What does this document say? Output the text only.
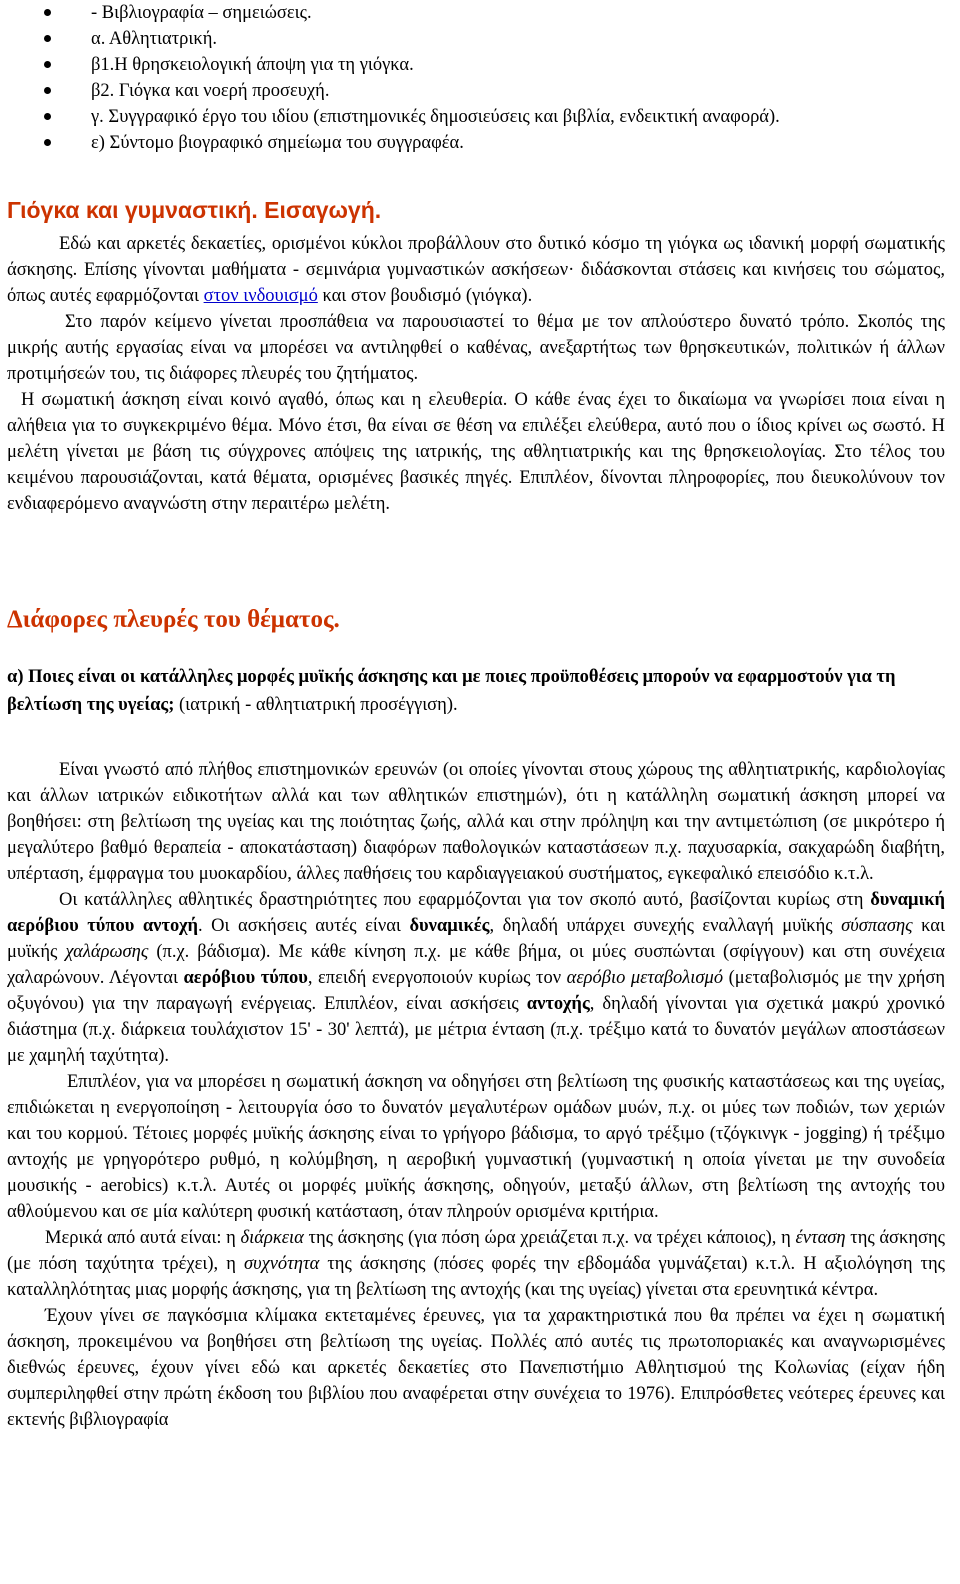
- Βιβλιογραφία – σημειώσεις.
α. Αθλητιατρική.
β1.Η θρησκειολογική άποψη για τη γιόγκα.
β2. Γιόγκα και νοερή προσευχή.
γ. Συγγραφικό έργο του ιδίου (επιστημονικές δημοσιεύσεις και βιβλία, ενδεικτική αναφορά).
ε) Σύντομο βιογραφικό σημείωμα του συγγραφέα.
Γιόγκα και γυμναστική. Εισαγωγή.

Εδώ και αρκετές δεκαετίες, ορισμένοι κύκλοι προβάλλουν στο δυτικό κόσμο τη γιόγκα ως ιδανική μορφή σωματικής άσκησης. Επίσης γίνονται μαθήματα - σεμινάρια γυμναστικών ασκήσεων· διδάσκονται στάσεις και κινήσεις του σώματος, όπως αυτές εφαρμόζονται στον ινδουισμό και στον βουδισμό (γιόγκα).

Στο παρόν κείμενο γίνεται προσπάθεια να παρουσιαστεί το θέμα με τον απλούστερο δυνατό τρόπο. Σκοπός της μικρής αυτής εργασίας είναι να μπορέσει να αντιληφθεί ο καθένας, ανεξαρτήτως των θρησκευτικών, πολιτικών ή άλλων προτιμήσεών του, τις διάφορες πλευρές του ζητήματος.

Η σωματική άσκηση είναι κοινό αγαθό, όπως και η ελευθερία. Ο κάθε ένας έχει το δικαίωμα να γνωρίσει ποια είναι η αλήθεια για το συγκεκριμένο θέμα. Μόνο έτσι, θα είναι σε θέση να επιλέξει ελεύθερα, αυτό που ο ίδιος κρίνει ως σωστό. Η μελέτη γίνεται με βάση τις σύγχρονες απόψεις της ιατρικής, της αθλητιατρικής και της θρησκειολογίας. Στο τέλος του κειμένου παρουσιάζονται, κατά θέματα, ορισμένες βασικές πηγές. Επιπλέον, δίνονται πληροφορίες, που διευκολύνουν τον ενδιαφερόμενο αναγνώστη στην περαιτέρω μελέτη.

Διάφορες πλευρές του θέματος.

α) Ποιες είναι οι κατάλληλες μορφές μυϊκής άσκησης και με ποιες προϋποθέσεις μπορούν να εφαρμοστούν για τη βελτίωση της υγείας; (ιατρική - αθλητιατρική προσέγγιση).

Είναι γνωστό από πλήθος επιστημονικών ερευνών (οι οποίες γίνονται στους χώρους της αθλητιατρικής, καρδιολογίας και άλλων ιατρικών ειδικοτήτων αλλά και των αθλητικών επιστημών), ότι η κατάλληλη σωματική άσκηση μπορεί να βοηθήσει: στη βελτίωση της υγείας και της ποιότητας ζωής, αλλά και στην πρόληψη και την αντιμετώπιση (σε μικρότερο ή μεγαλύτερο βαθμό θεραπεία - αποκατάσταση) διαφόρων παθολογικών καταστάσεων π.χ. παχυσαρκία, σακχαρώδη διαβήτη, υπέρταση, έμφραγμα του μυοκαρδίου, άλλες παθήσεις του καρδιαγγειακού συστήματος, εγκεφαλικό επεισόδιο κ.τ.λ.

Οι κατάλληλες αθλητικές δραστηριότητες που εφαρμόζονται για τον σκοπό αυτό, βασίζονται κυρίως στη δυναμική αερόβιου τύπου αντοχή. Οι ασκήσεις αυτές είναι δυναμικές, δηλαδή υπάρχει συνεχής εναλλαγή μυϊκής σύσπασης και μυϊκής χαλάρωσης (π.χ. βάδισμα). Με κάθε κίνηση π.χ. με κάθε βήμα, οι μύες συσπώνται (σφίγγουν) και στη συνέχεια χαλαρώνουν. Λέγονται αερόβιου τύπου, επειδή ενεργοποιούν κυρίως τον αερόβιο μεταβολισμό (μεταβολισμός με την χρήση οξυγόνου) για την παραγωγή ενέργειας. Επιπλέον, είναι ασκήσεις αντοχής, δηλαδή γίνονται για σχετικά μακρύ χρονικό διάστημα (π.χ. διάρκεια τουλάχιστον 15' - 30' λεπτά), με μέτρια ένταση (π.χ. τρέξιμο κατά το δυνατόν μεγάλων αποστάσεων με χαμηλή ταχύτητα).

Επιπλέον, για να μπορέσει η σωματική άσκηση να οδηγήσει στη βελτίωση της φυσικής καταστάσεως και της υγείας, επιδιώκεται η ενεργοποίηση - λειτουργία όσο το δυνατόν μεγαλυτέρων ομάδων μυών, π.χ. οι μύες των ποδιών, των χεριών και του κορμού. Τέτοιες μορφές μυϊκής άσκησης είναι το γρήγορο βάδισμα, το αργό τρέξιμο (τζόγκινγκ - jogging) ή τρέξιμο αντοχής με γρηγορότερο ρυθμό, η κολύμβηση, η αεροβική γυμναστική (γυμναστική η οποία γίνεται με την συνοδεία μουσικής - aerobics) κ.τ.λ. Αυτές οι μορφές μυϊκής άσκησης, οδηγούν, μεταξύ άλλων, στη βελτίωση της αντοχής του αθλούμενου και σε μία καλύτερη φυσική κατάσταση, όταν πληρούν ορισμένα κριτήρια.

Μερικά από αυτά είναι: η διάρκεια της άσκησης (για πόση ώρα χρειάζεται π.χ. να τρέχει κάποιος), η ένταση της άσκησης (με πόση ταχύτητα τρέχει), η συχνότητα της άσκησης (πόσες φορές την εβδομάδα γυμνάζεται) κ.τ.λ. Η αξιολόγηση της καταλληλότητας μιας μορφής άσκησης, για τη βελτίωση της αντοχής (και της υγείας) γίνεται στα ερευνητικά κέντρα.

Έχουν γίνει σε παγκόσμια κλίμακα εκτεταμένες έρευνες, για τα χαρακτηριστικά που θα πρέπει να έχει η σωματική άσκηση, προκειμένου να βοηθήσει στη βελτίωση της υγείας. Πολλές από αυτές τις πρωτοποριακές και αναγνωρισμένες διεθνώς έρευνες, έχουν γίνει εδώ και αρκετές δεκαετίες στο Πανεπιστήμιο Αθλητισμού της Κολωνίας (είχαν ήδη συμπεριληφθεί στην πρώτη έκδοση του βιβλίου που αναφέρεται στην συνέχεια το 1976). Επιπρόσθετες νεότερες έρευνες και εκτενής βιβλιογραφία
